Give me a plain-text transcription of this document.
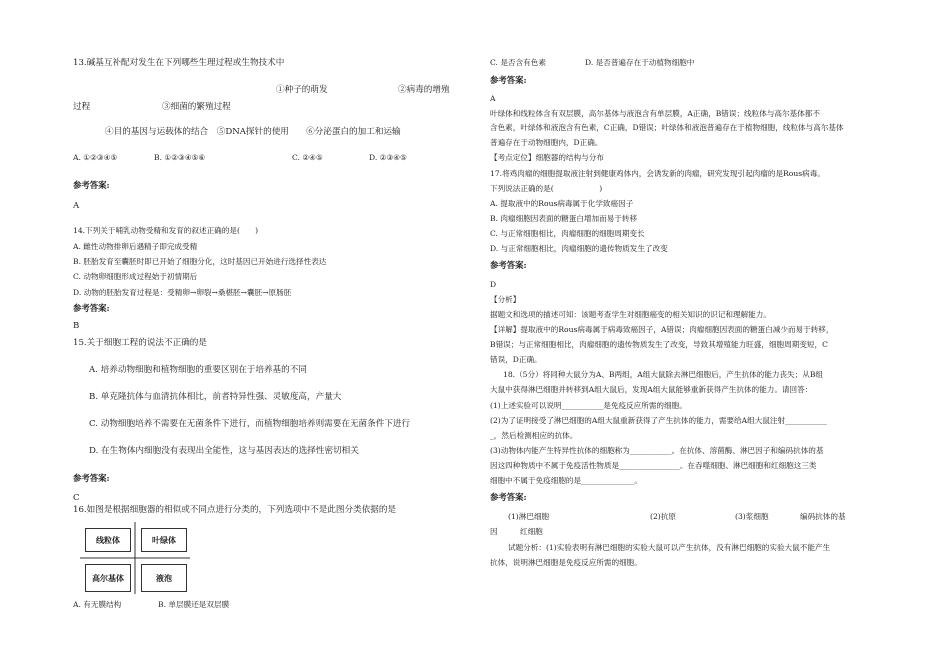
13.碱基互补配对发生在下列哪些生理过程或生物技术中
①种子的萌发	②病毒的增殖
过程	③细菌的繁殖过程
④目的基因与运载体的结合　⑤DNA探针的使用　　⑥分泌蛋白的加工和运输
A. ①②③④⑤	B. ①②③④⑤⑥	C. ②④⑤	D. ②③④⑤
参考答案:
A
14.下列关于哺乳动物受精和发育的叙述正确的是(　　)
A. 雌性动物排卵后遇精子即完成受精
B. 胚胎发育至囊胚时即已开始了细胞分化，这时基因已开始进行选择性表达
C. 动物卵细胞形成过程始于初情期后
D. 动物的胚胎发育过程是：受精卵→卵裂→桑椹胚→囊胚→原肠胚
参考答案:
B
15.关于细胞工程的说法不正确的是
A. 培养动物细胞和植物细胞的重要区别在于培养基的不同
B. 单克隆抗体与血清抗体相比，前者特异性强、灵敏度高，产量大
C. 动物细胞培养不需要在无菌条件下进行，而植物细胞培养则需要在无菌条件下进行
D. 在生物体内细胞没有表现出全能性，这与基因表达的选择性密切相关
参考答案:
C
16.如图是根据细胞器的相似或不同点进行分类的，下列选项中不是此图分类依据的是
线粒体	叶绿体
高尔基体	液泡
A. 有无膜结构	B. 单层膜还是双层膜
C. 是否含有色素	D. 是否普遍存在于动植物细胞中
参考答案:
A
叶绿体和线粒体含有双层膜，高尔基体与液泡含有单层膜，A正确，B错误；线粒体与高尔基体都不
含色素，叶绿体和液泡含有色素，C正确，D错误；叶绿体和液泡普遍存在于植物细胞，线粒体与高尔基体
普遍存在于动物细胞内，D正确。
【考点定位】细胞器的结构与分布
17.将鸡肉瘤的细胞提取液注射到健康鸡体内，会诱发新的肉瘤，研究发现引起肉瘤的是Rous病毒。
下列说法正确的是(　　　　　　)
A. 提取液中的Rous病毒属于化学致癌因子
B. 肉瘤细胞因表面的糖蛋白增加而易于转移
C. 与正常细胞相比，肉瘤细胞的细胞周期变长
D. 与正常细胞相比，肉瘤细胞的遗传物质发生了改变
参考答案:
D
【分析】
据题文和选项的描述可知：该题考查学生对细胞癌变的相关知识的识记和理解能力。
【详解】提取液中的Rous病毒属于病毒致癌因子，A错误；肉瘤细胞因表面的糖蛋白减少而易于转移，
B错误；与正常细胞相比，肉瘤细胞的遗传物质发生了改变，导致其增殖能力旺盛，细胞周期变短，C
错误，D正确。
18.（5分）将同种大鼠分为A、B两组，A组大鼠除去淋巴细胞后，产生抗体的能力丧失；从B组
大鼠中获得淋巴细胞并转移到A组大鼠后，发现A组大鼠能够重新获得产生抗体的能力。请回答：
(1)上述实验可以说明___________是免疫反应所需的细胞。
(2)为了证明接受了淋巴细胞的A组大鼠重新获得了产生抗体的能力，需要给A组大鼠注射___________
_，然后检测相应的抗体。
(3)动物体内能产生特异性抗体的细胞称为___________。在抗体、溶菌酶、淋巴因子和编码抗体的基
因这四种物质中不属于免疫活性物质是________________。在吞噬细胞、淋巴细胞和红细胞这三类
细胞中不属于免疫细胞的是______________。
参考答案:
(1)淋巴细胞	(2)抗原	(3)浆细胞	编码抗体的基
因	红细胞
试题分析：(1)实验表明有淋巴细胞的实验大鼠可以产生抗体，没有淋巴细胞的实验大鼠不能产生
抗体，说明淋巴细胞是免疫反应所需的细胞。
